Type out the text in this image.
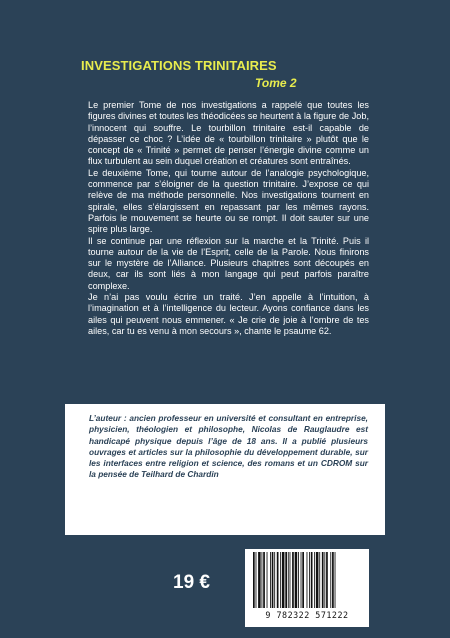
INVESTIGATIONS TRINITAIRES
Tome 2

Le premier Tome de nos investigations a rappelé que toutes les figures divines et toutes les théodicées se heurtent à la figure de Job, l’innocent qui souffre. Le tourbillon trinitaire est-il capable de dépasser ce choc ? L’idée de « tourbillon trinitaire » plutôt que le concept de « Trinité » permet de penser l’énergie divine comme un flux turbulent au sein duquel création et créatures sont entraînés.

Le deuxième Tome, qui tourne autour de l’analogie psychologique, commence par s’éloigner de la question trinitaire. J’expose ce qui relève de ma méthode personnelle. Nos investigations tournent en spirale, elles s’élargissent en repassant par les mêmes rayons. Parfois le mouvement se heurte ou se rompt. Il doit sauter sur une spire plus large.

Il se continue par une réflexion sur la marche et la Trinité. Puis il tourne autour de la vie de l’Esprit, celle de la Parole. Nous finirons sur le mystère de l’Alliance. Plusieurs chapitres sont découpés en deux, car ils sont liés à mon langage qui peut parfois paraître complexe.

Je n’ai pas voulu écrire un traité. J’en appelle à l’intuition, à l’imagination et à l’intelligence du lecteur. Ayons confiance dans les ailes qui peuvent nous emmener. « Je crie de joie à l’ombre de tes ailes, car tu es venu à mon secours », chante le psaume 62.

L’auteur : ancien professeur en université et consultant en entreprise, physicien, théologien et philosophe, Nicolas de Rauglaudre est handicapé physique depuis l’âge de 18 ans. Il a publié plusieurs ouvrages et articles sur la philosophie du développement durable, sur les interfaces entre religion et science, des romans et un CDROM sur la pensée de Teilhard de Chardin
19 €
9 782322 571222
